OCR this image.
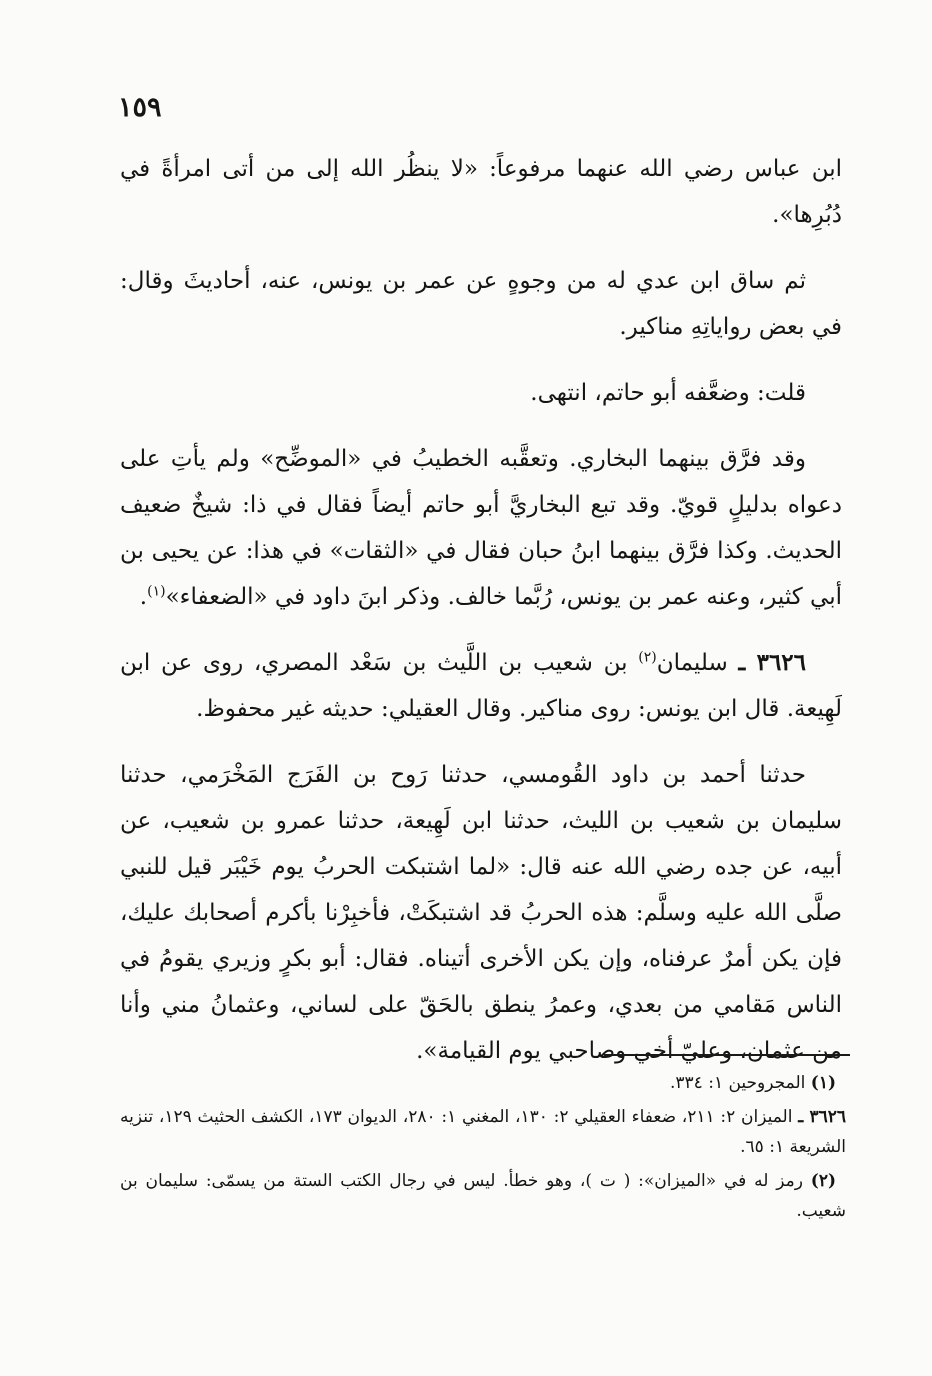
١٥٩

ابن عباس رضي الله عنهما مرفوعاً: «لا ينظُر الله إلى من أتى امرأةً في دُبُرِها».

ثم ساق ابن عدي له من وجوهٍ عن عمر بن يونس، عنه، أحاديثَ وقال: في بعض رواياتِهِ مناكير.

قلت: وضعَّفه أبو حاتم، انتهى.

وقد فرَّق بينهما البخاري. وتعقَّبه الخطيبُ في «الموضِّح» ولم يأتِ على دعواه بدليلٍ قويّ. وقد تبع البخاريَّ أبو حاتم أيضاً فقال في ذا: شيخٌ ضعيف الحديث. وكذا فرَّق بينهما ابنُ حبان فقال في «الثقات» في هذا: عن يحيى بن أبي كثير، وعنه عمر بن يونس، رُبَّما خالف. وذكر ابنَ داود في «الضعفاء»$^{(١)}$.

٣٦٢٦ ـ سليمان$^{(٢)}$ بن شعيب بن اللَّيث بن سَعْد المصري، روى عن ابن لَهِيعة. قال ابن يونس: روى مناكير. وقال العقيلي: حديثه غير محفوظ.

حدثنا أحمد بن داود القُومسي، حدثنا رَوح بن الفَرَج المَخْرَمي، حدثنا سليمان بن شعيب بن الليث، حدثنا ابن لَهِيعة، حدثنا عمرو بن شعيب، عن أبيه، عن جده رضي الله عنه قال: «لما اشتبكت الحربُ يوم خَيْبَر قيل للنبي صلَّى الله عليه وسلَّم: هذه الحربُ قد اشتبكَتْ، فأخبِرْنا بأكرم أصحابك عليك، فإن يكن أمرٌ عرفناه، وإن يكن الأخرى أتيناه. فقال: أبو بكرٍ وزيري يقومُ في الناس مَقامي من بعدي، وعمرُ ينطق بالحَقّ على لساني، وعثمانُ مني وأنا من عثمان، وعليّ أخي وصاحبي يوم القيامة».

(١) المجروحين ١: ٣٣٤.

٣٦٢٦ ـ الميزان ٢: ٢١١، ضعفاء العقيلي ٢: ١٣٠، المغني ١: ٢٨٠، الديوان ١٧٣، الكشف الحثيث ١٢٩، تنزيه الشريعة ١: ٦٥.

(٢) رمز له في «الميزان»: ( ت )، وهو خطأ. ليس في رجال الكتب الستة من يسمّى: سليمان بن شعيب.
